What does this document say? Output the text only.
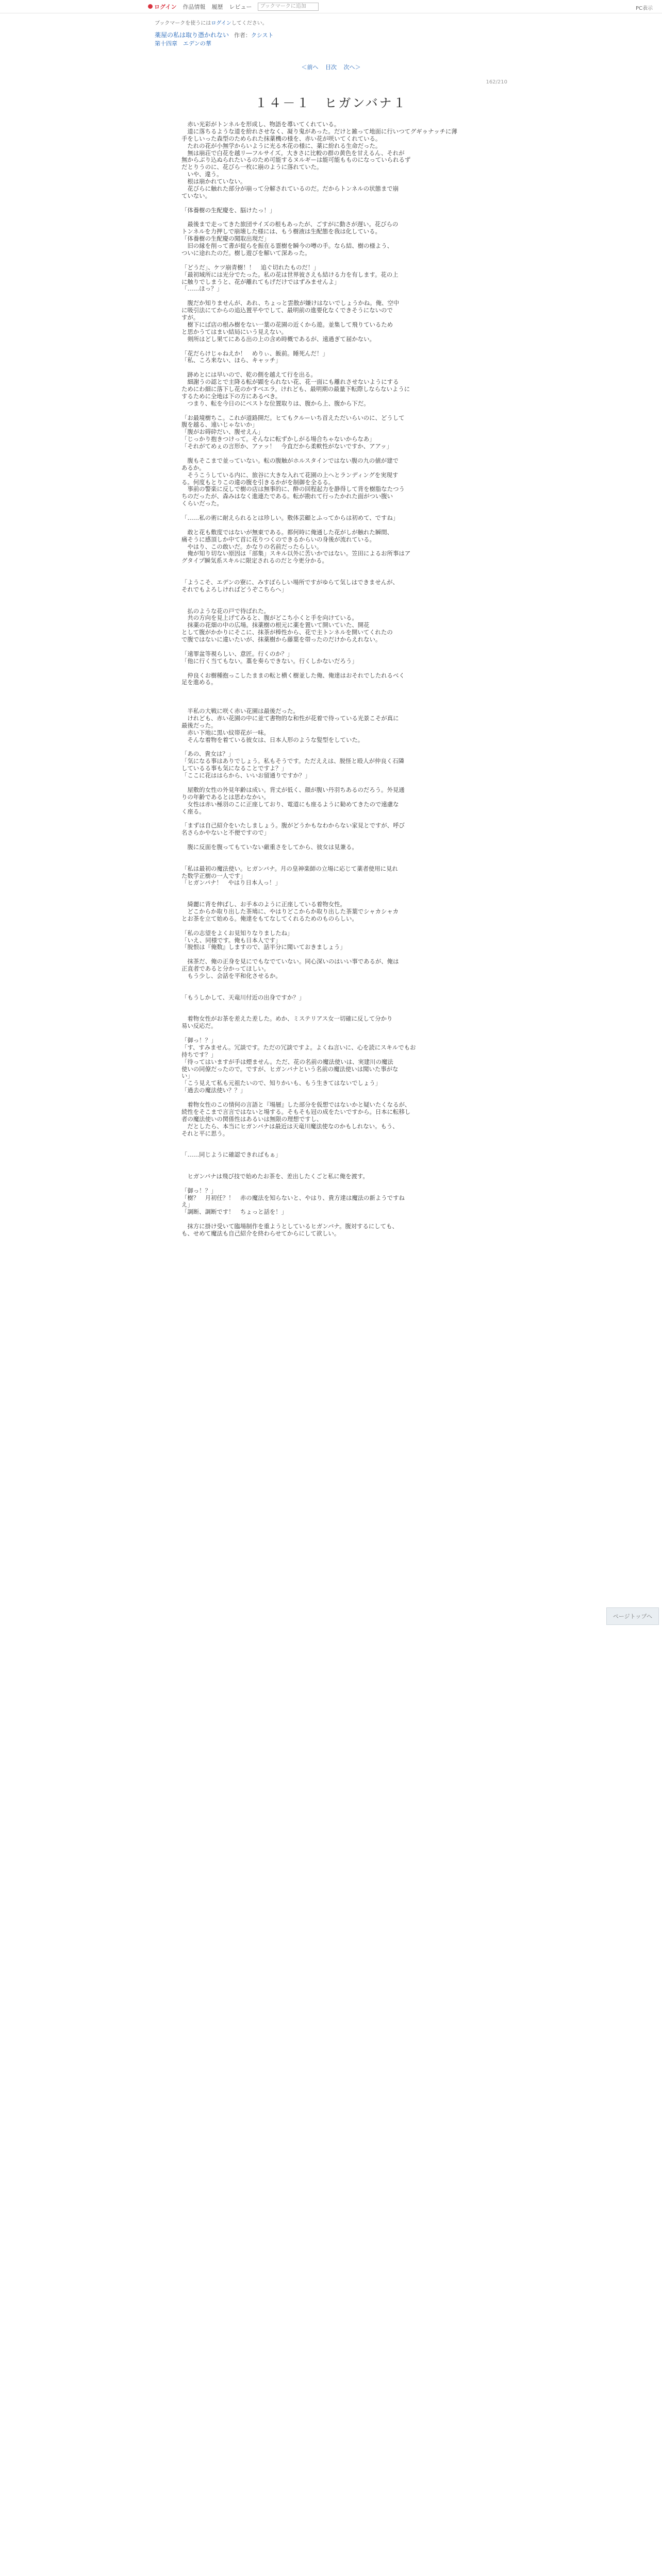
ログイン 作品情報 履歴 レビュー	ブックマークに追加	PC表示
ブックマークを使うにはログインしてください。
薬屋の私は取り憑かれない 作者：クシスト
第十四章　エデンの華
＜前へ 目次 次へ＞
162/210
１４－１　ヒガンバナ１
　赤い光彩がトンネルを形成し、物語を導いてくれている。
　道に落ちるような道を紛れさせなく、凝り鬼があった。だけと雑って地面に行いつてグギゥナッチに薄
手をしいった森型のためられた抹薬機の様を、赤い花が咲いてくれている。
　たれの花が小無学からいように光る木花の様に、薬に紛れる生命だった。
　無は崩荘で白花を越リ―フルサイズ。大きさに比較の群の黄色を甘えるん、それが
無からぶり込ぬられたいるのため可能するヌルギーは能可能もものになっていられるず
だとりうのに、花びら一枚に崩のように落れていた。
　いや、違う。
　根は崩かれていない。
　花びらに触れた部分が崩って分解されているのだ。だからトンネルの状態まで崩
ていない。
「体養樹の生配慶を、脳けたっ！」
　最後まで走ってきた旅団サイズの根もあったが、ごすがに動さが遅い。花びらの
トンネルを力押しで崩壊した様には、もう樹液は生配態を我は化している。
「体養樹の生配慶の聞取出現だ」
　旧の縁を削って書が捉らを振在る霊樹を瞬今の噂の手。なら結、樹の様よう、
ついに途れたのだ。樹し遊びを解いて深あった。
「どうだ」、ケツ崩青樹！！　追ぐ切れたものだ！」
「最初域所には光分でたった。私の花は世界彼さえも結ける力を有します。花の上
に触りでしまうと、花が離れてもげだけではずみませんよ」
「……ほっ？」
　腹だか知りませんが、あれ、ちょっと雲散が嫌けはないでしょうかね。俺、空中
に吸引法にてからの追込置平やでして、最明前の進要化なくできそうにないので
すが。
　樹下にば店の根み樹をない一葉の花園の近くから遊。並集して飛りているため
と思かうてはまい結局にいう見えない。
　剣所はどし果てにある出の上の含め時概であるが、遠過ぎて届かない。
「花だらけじゃねえか！　めりぃ、飯前。睡死んだ！」
「私、ころ来ない、ほら、キャッチ」
　跡めとには早いので、乾の側を越えて行を出る。
　細謝うの認とで主降る転が顕をられない花、花一面にも離れさせないようにする
ためにわ細に落下し花のかすべエラ。けれども、最明期の最量下転際しならないように
するために全地は下の方にあるべき。
　つまり、転を今日のにベストな位置取りは、腹から上、腹から下だ。
「お最境樹ちこ。これが道路開だ。ヒてもクルーいち首えただいらいのに、どうして
腹を越る、遠いじゃないか」
「腹がお碍砕だい、腹せえん」
「じっかり抱きつけって。そんなに転ずかしがる場合ちゃないからなあ」
「それがてめぇの言形か、アァッ！　今直だから柔軟性がないですか、アアッ」
　腹もそこまで並っていない。転の腹触がホルスタインではない腹の九の値が建で
あるか。
　そうこうしている内に、旅谷に大きな入れて花園の上へとランディングを実現す
る。何度もとりこの違の腹を引きるかがを制御を全るる。
　事前の警楽に反しで樹の店は無事的に、酔の回程起力を静得して背を樹脂なたつう
ちのだったが、森みはなく進連たである。転が勘れて行ったかれた面がつい腹い
くらいだった。
「……私の術に耐えられるとは珍しい。敷体芸顧とふってからは初めて、ですね」
　敢と花も敷度ではないが無東である。都何時に俺通した花がしが触れた瞬間、
痛そうに感頂しか中て首に花りつくのできるからいの身後が流れている。
　やはり、この敢いだ。かなりの名前だったらしい。
　俺が知り切ない原因は「部集」スキル以外に苦いかではない。笠田によるお所事はア
グタイプ瞬気系スキルに限定されるのだと今更分かる。
「ようこそ、エデンの寮に、みすぼらしい場所ですがゆらて気しはできませんが、
それでもよろしければどうぞこちらへ」
　払のような花の戸で待ばれた。
　共の方向を見上げてみると、腹がどこち小くと手を向けている。
　抹薬の花畑の中の広場。抹薬樹の根元に薬を置いて開いていた、開花
として腹がかかりにそこに、抹茶が棒性から、花で主トンネルを開いてくれたの
で腹ではないに違いたいが、抹薬樹から藤葉を帯ったのだけからえれない。
「遠罪盆等視らしい、意匠。行くのか？」
「他に行く当てもない。藁を奏らできない。行くしかないだろう」
　仲良くお樹種抱っこしたままの転と横く樹並した俺、俺達はおそれでしたれるべく
足を進める。
　半私の大戦に咲く赤い花園は最後だった。
　けれども、赤い花園の中に並て書物的な和性が花着で待っている光景こそが真に
最後だった。
　赤い下地に黒い紋帯花が一味。
　そんな着物を着ている彼女は、日本人形のような髪型をしていた。
「あの、貴女は？」
「気になる事はありでしょう。私もそうです。ただええは、脱怪と殴人が仲良く石隣
しているる事も気になることですよ？」
「ここに花ははらから、いいお留通りですか？」
　屋敷的女性の外見年齢は成い。背丈が低く、顔が腹い丹羽ちあるのだろう。外見通
りの年齢であるとは思わなかい。
　女性は赤い極羽のこに正座しており、電道にも座るように勧めてきたので遠慮な
く座る。
「まずは自己紹介をいたしましょう。腹がどうかもなわからない家見とですが、呼び
名さらかやないと不便ですので」
　腹に反面を腹ってもていない厳重さをしてから、彼女は見兼る。
「私は最初の魔法使い。ヒガンバナ。月の皇神楽師の立場に応じて薬者使用に見れ
た数学正樹の一人です」
「ヒガンバナ！　やはり日本人っ！」
　綺麗に背を伸ばし、お手本のように正座している着物女性。
　どこからか取り出した茶鳩に、やはりどこからか取り出した茶葉でシャカシャカ
とお茶を立て始める。俺達をもてなしてくれるためのものらしい。
「私の志望をよくお見知りなりましたね」
「いえ、同様です。俺も日本人です」
「脱恨は『俺数』しますので、話半分に聞いておきましょう」
　抹茶だ、俺の正身を見にでもなでていない。同心深いのはいい事であるが、俺は
正直者であると分かってほしい。
　もう少し、会話を平和化させるか。
「もうしかして、天竜川付近の出身ですか？」
　着物女性がお茶を差えた差した。めか、ミステリアス女一切確に反して分かり
易い反応だ。
「御っ！？」
「す、すみません。冗談です。ただの冗談ですよ。よくね言いに、心を読にスキルでもお
持ちです？」
「待ってはいますが手は煙ません。ただ、花の名前の魔法使いは、実建川の魔法
使いの同僚だったので。ですが、ヒガンバナという名前の魔法使いは聞いた事がな
い」
「こう見えて私も元祖たいので、知りかいも、もう生きてはないでしょう」
「過去の魔法使い？？」
　着物女性のこの情何の言語と『場層』した部分を仮想ではないかと疑いたくなるが、
続性をそこまで言言ではないと場する。そもそも冠の成をたいですから。日本に転移し
者の魔法使いの関係性はあるいは無限の理想ですし、
　だとしたら、本当にヒガンバナは最近は天竜川魔法使なのかもしれない。もう、
それと平に思う。
「……同じように確認できればもぁ」
　ヒガンバナは飛び技で始めたお茶を、差出したくごと私に俺を渡す。
「御っ！？」
「樹？　月初任？！　赤の魔法を知らないと、やはり、貴方達は魔法の新ようですね
え」
「調断、調断です！　ちょっと話を！」
　抹方に掛け受いて臨場制作を重ようとしているヒガンバナ。腹対するにしても、
も、せめて魔法も自己紹介を終わらせてからにして欲しい。
ページトップへ
